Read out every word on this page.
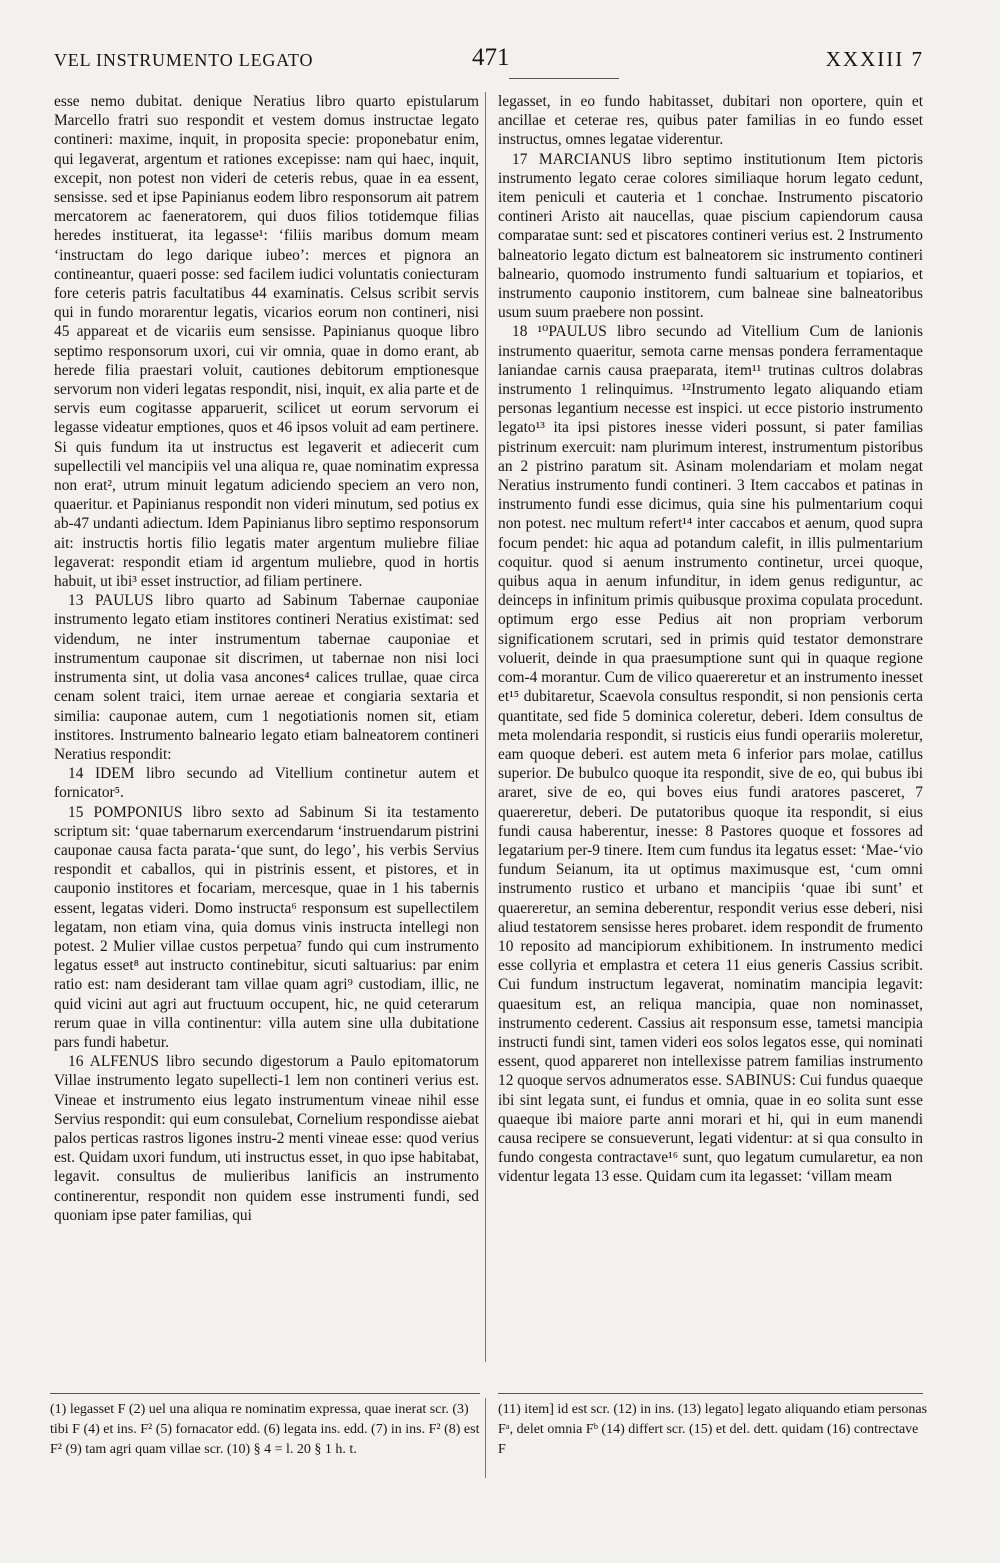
VEL INSTRUMENTO LEGATO	471	XXXIII 7

esse nemo dubitat. denique Neratius libro quarto epistularum Marcello fratri suo respondit et vestem domus instructae legato contineri: maxime, inquit, in proposita specie: proponebatur enim, qui legaverat, argentum et rationes excepisse: nam qui haec, inquit, excepit, non potest non videri de ceteris rebus, quae in ea essent, sensisse. sed et ipse Papinianus eodem libro responsorum ait patrem mercatorem ac faeneratorem, qui duos filios totidemque filias heredes instituerat, ita legasse¹: ‘filiis maribus domum meam ‘instructam do lego darique iubeo’: merces et pignora an contineantur, quaeri posse: sed facilem iudici voluntatis coniecturam fore ceteris patris facultatibus 44 examinatis. Celsus scribit servis qui in fundo morarentur legatis, vicarios eorum non contineri, nisi 45 appareat et de vicariis eum sensisse. Papinianus quoque libro septimo responsorum uxori, cui vir omnia, quae in domo erant, ab herede filia praestari voluit, cautiones debitorum emptionesque servorum non videri legatas respondit, nisi, inquit, ex alia parte et de servis eum cogitasse apparuerit, scilicet ut eorum servorum ei legasse videatur emptiones, quos et 46 ipsos voluit ad eam pertinere. Si quis fundum ita ut instructus est legaverit et adiecerit cum supellectili vel mancipiis vel una aliqua re, quae nominatim expressa non erat², utrum minuit legatum adiciendo speciem an vero non, quaeritur. et Papinianus respondit non videri minutum, sed potius ex ab-47 undanti adiectum. Idem Papinianus libro septimo responsorum ait: instructis hortis filio legatis mater argentum muliebre filiae legaverat: respondit etiam id argentum muliebre, quod in hortis habuit, ut ibi³ esset instructior, ad filiam pertinere.

13 PAULUS libro quarto ad Sabinum Tabernae cauponiae instrumento legato etiam institores contineri Neratius existimat: sed videndum, ne inter instrumentum tabernae cauponiae et instrumentum cauponae sit discrimen, ut tabernae non nisi loci instrumenta sint, ut dolia vasa ancones⁴ calices trullae, quae circa cenam solent traici, item urnae aereae et congiaria sextaria et similia: cauponae autem, cum 1 negotiationis nomen sit, etiam institores. Instrumento balneario legato etiam balneatorem contineri Neratius respondit:

14 IDEM libro secundo ad Vitellium continetur autem et fornicator⁵.

15 POMPONIUS libro sexto ad Sabinum Si ita testamento scriptum sit: ‘quae tabernarum exercendarum ‘instruendarum pistrini cauponae causa facta parata-‘que sunt, do lego’, his verbis Servius respondit et caballos, qui in pistrinis essent, et pistores, et in cauponio institores et focariam, mercesque, quae in 1 his tabernis essent, legatas videri. Domo instructa⁶ responsum est supellectilem legatam, non etiam vina, quia domus vinis instructa intellegi non potest. 2 Mulier villae custos perpetua⁷ fundo qui cum instrumento legatus esset⁸ aut instructo continebitur, sicuti saltuarius: par enim ratio est: nam desiderant tam villae quam agri⁹ custodiam, illic, ne quid vicini aut agri aut fructuum occupent, hic, ne quid ceterarum rerum quae in villa continentur: villa autem sine ulla dubitatione pars fundi habetur.

16 ALFENUS libro secundo digestorum a Paulo epitomatorum Villae instrumento legato supellecti-1 lem non contineri verius est. Vineae et instrumento eius legato instrumentum vineae nihil esse Servius respondit: qui eum consulebat, Cornelium respondisse aiebat palos perticas rastros ligones instru-2 menti vineae esse: quod verius est. Quidam uxori fundum, uti instructus esset, in quo ipse habitabat, legavit. consultus de mulieribus lanificis an instrumento continerentur, respondit non quidem esse instrumenti fundi, sed quoniam ipse pater familias, qui

legasset, in eo fundo habitasset, dubitari non oportere, quin et ancillae et ceterae res, quibus pater familias in eo fundo esset instructus, omnes legatae viderentur.

17 MARCIANUS libro septimo institutionum Item pictoris instrumento legato cerae colores similiaque horum legato cedunt, item peniculi et cauteria et 1 conchae. Instrumento piscatorio contineri Aristo ait naucellas, quae piscium capiendorum causa comparatae sunt: sed et piscatores contineri verius est. 2 Instrumento balneatorio legato dictum est balneatorem sic instrumento contineri balneario, quomodo instrumento fundi saltuarium et topiarios, et instrumento cauponio institorem, cum balneae sine balneatoribus usum suum praebere non possint.

18 ¹⁰PAULUS libro secundo ad Vitellium Cum de lanionis instrumento quaeritur, semota carne mensas pondera ferramentaque laniandae carnis causa praeparata, item¹¹ trutinas cultros dolabras instrumento 1 relinquimus. ¹²Instrumento legato aliquando etiam personas legantium necesse est inspici. ut ecce pistorio instrumento legato¹³ ita ipsi pistores inesse videri possunt, si pater familias pistrinum exercuit: nam plurimum interest, instrumentum pistoribus an 2 pistrino paratum sit. Asinam molendariam et molam negat Neratius instrumento fundi contineri. 3 Item caccabos et patinas in instrumento fundi esse dicimus, quia sine his pulmentarium coqui non potest. nec multum refert¹⁴ inter caccabos et aenum, quod supra focum pendet: hic aqua ad potandum calefit, in illis pulmentarium coquitur. quod si aenum instrumento continetur, urcei quoque, quibus aqua in aenum infunditur, in idem genus rediguntur, ac deinceps in infinitum primis quibusque proxima copulata procedunt. optimum ergo esse Pedius ait non propriam verborum significationem scrutari, sed in primis quid testator demonstrare voluerit, deinde in qua praesumptione sunt qui in quaque regione com-4 morantur. Cum de vilico quaereretur et an instrumento inesset et¹⁵ dubitaretur, Scaevola consultus respondit, si non pensionis certa quantitate, sed fide 5 dominica coleretur, deberi. Idem consultus de meta molendaria respondit, si rusticis eius fundi operariis moleretur, eam quoque deberi. est autem meta 6 inferior pars molae, catillus superior. De bubulco quoque ita respondit, sive de eo, qui bubus ibi araret, sive de eo, qui boves eius fundi aratores pasceret, 7 quaereretur, deberi. De putatoribus quoque ita respondit, si eius fundi causa haberentur, inesse: 8 Pastores quoque et fossores ad legatarium per-9 tinere. Item cum fundus ita legatus esset: ‘Mae-‘vio fundum Seianum, ita ut optimus maximusque est, ‘cum omni instrumento rustico et urbano et mancipiis ‘quae ibi sunt’ et quaereretur, an semina deberentur, respondit verius esse deberi, nisi aliud testatorem sensisse heres probaret. idem respondit de frumento 10 reposito ad mancipiorum exhibitionem. In instrumento medici esse collyria et emplastra et cetera 11 eius generis Cassius scribit. Cui fundum instructum legaverat, nominatim mancipia legavit: quaesitum est, an reliqua mancipia, quae non nominasset, instrumento cederent. Cassius ait responsum esse, tametsi mancipia instructi fundi sint, tamen videri eos solos legatos esse, qui nominati essent, quod appareret non intellexisse patrem familias instrumento 12 quoque servos adnumeratos esse. SABINUS: Cui fundus quaeque ibi sint legata sunt, ei fundus et omnia, quae in eo solita sunt esse quaeque ibi maiore parte anni morari et hi, qui in eum manendi causa recipere se consueverunt, legati videntur: at si qua consulto in fundo congesta contractave¹⁶ sunt, quo legatum cumularetur, ea non videntur legata 13 esse. Quidam cum ita legasset: ‘villam meam

(1) legasset F (2) uel una aliqua re nominatim expressa, quae inerat scr. (3) tibi F (4) et ins. F² (5) fornacator edd. (6) legata ins. edd. (7) in ins. F² (8) est F² (9) tam agri quam villae scr. (10) § 4 = l. 20 § 1 h. t.
(11) item] id est scr. (12) in ins. (13) legato] legato aliquando etiam personas Fᵃ, delet omnia Fᵇ (14) differt scr. (15) et del. dett. quidam (16) contrectave F
